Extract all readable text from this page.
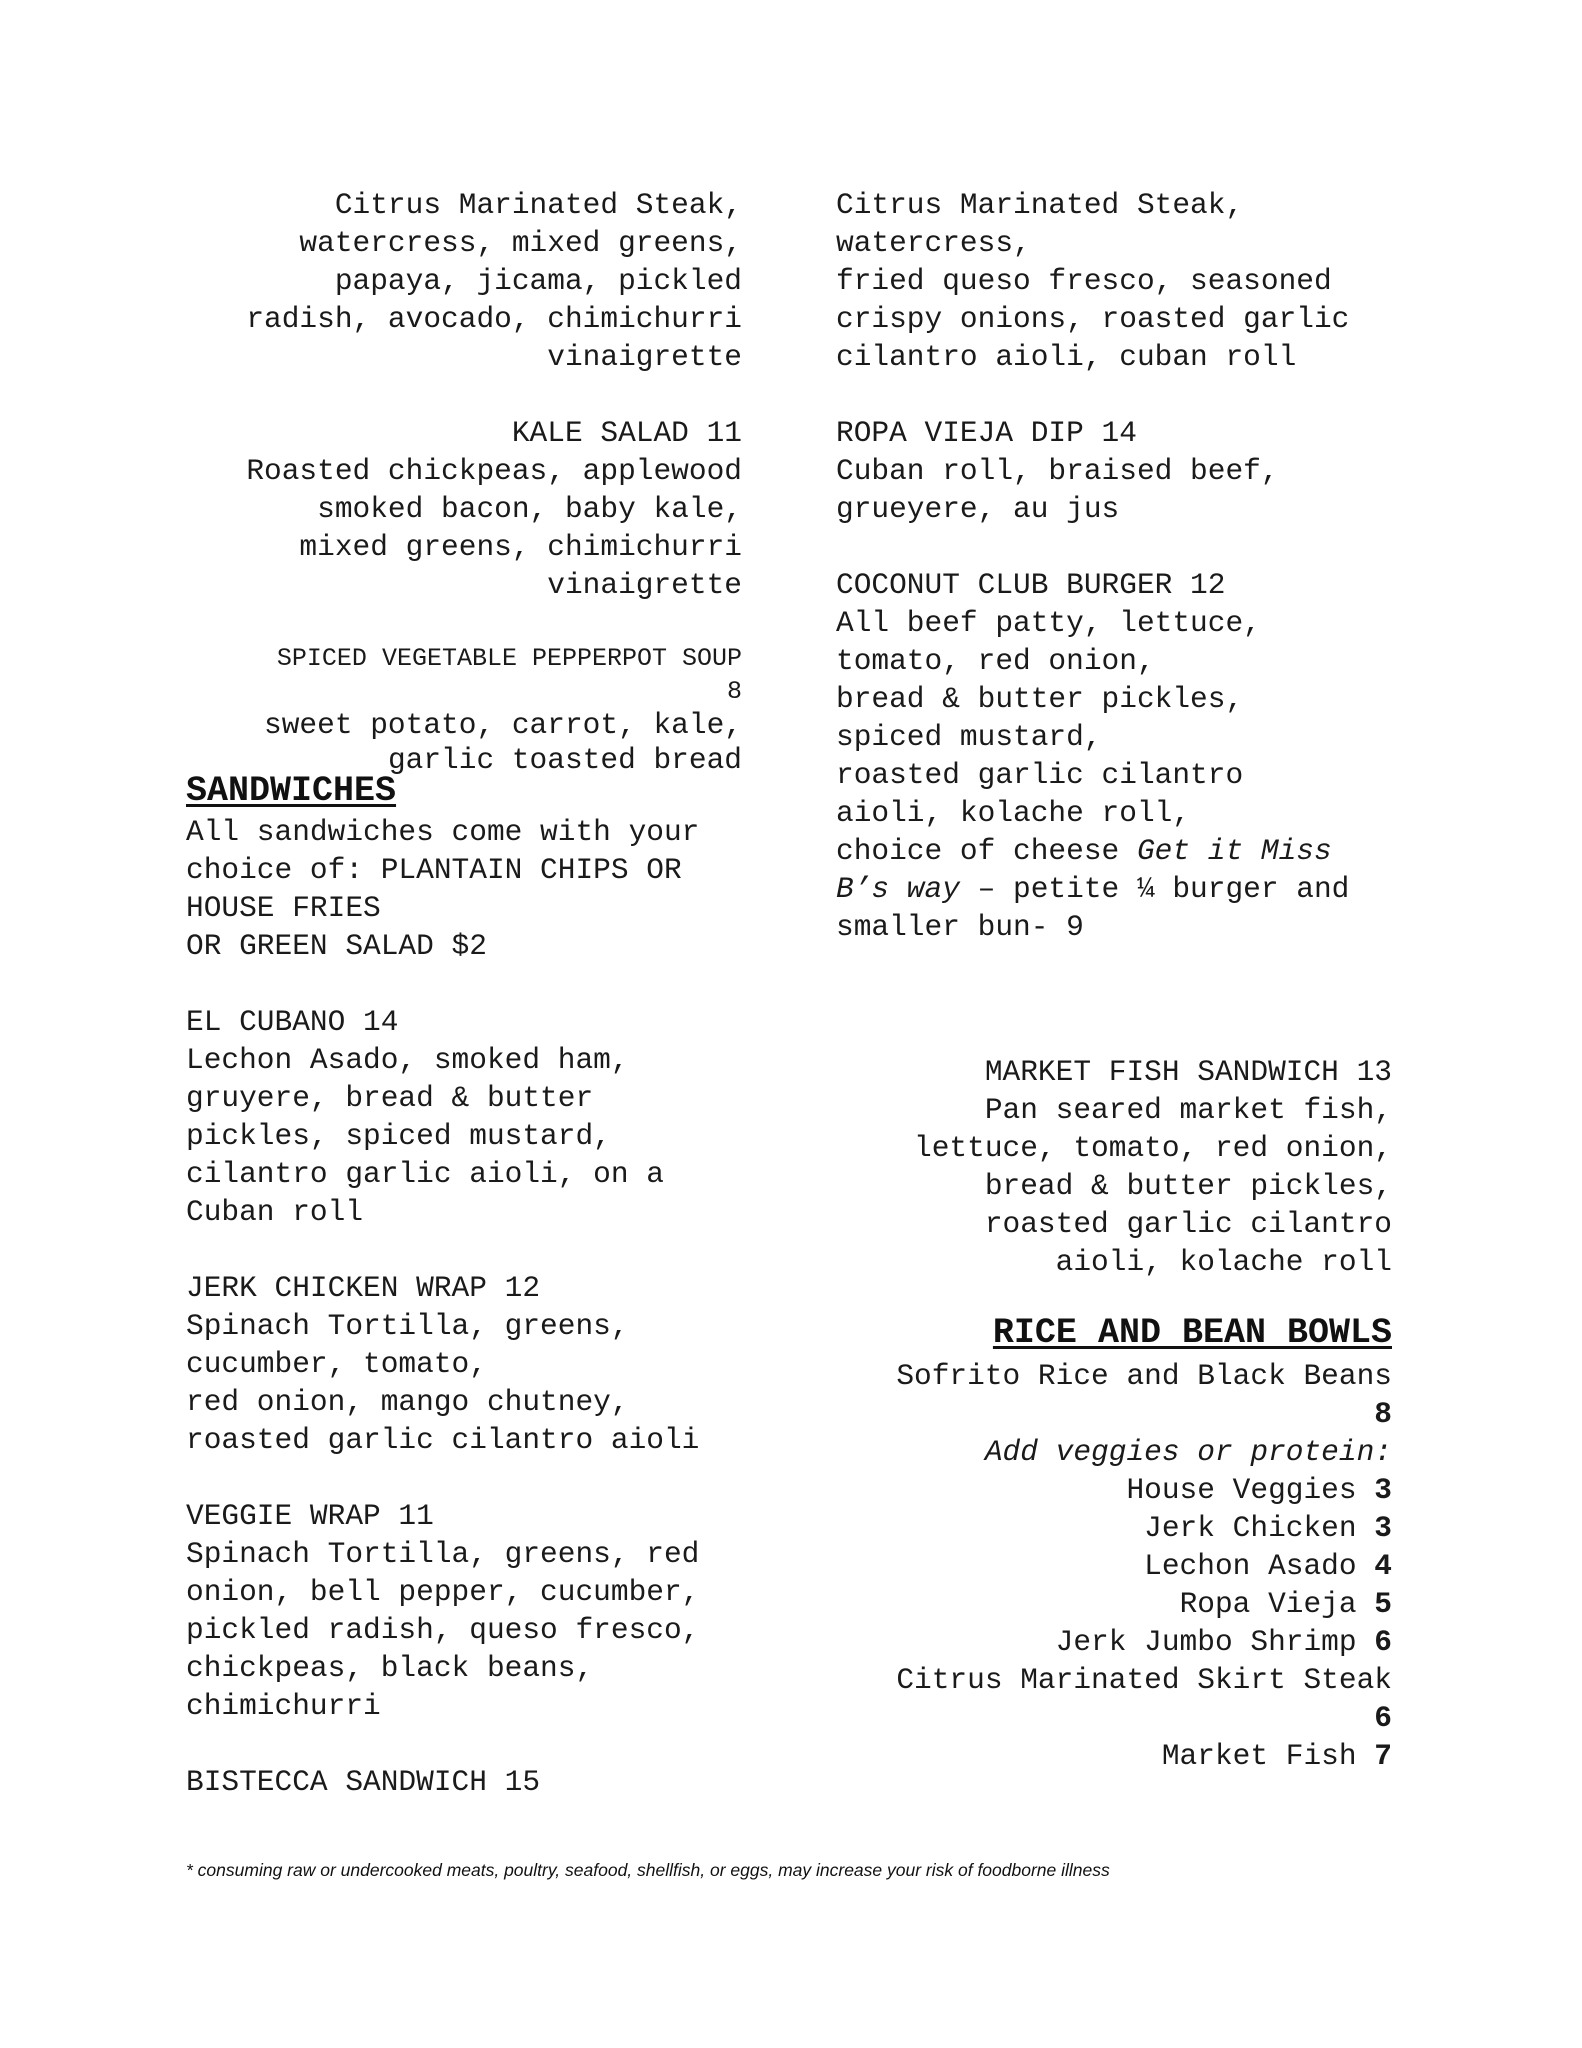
Citrus Marinated Steak,
watercress, mixed greens,
papaya, jicama, pickled
radish, avocado, chimichurri
vinaigrette

KALE SALAD 11

Roasted chickpeas, applewood
smoked bacon, baby kale,
mixed greens, chimichurri
vinaigrette

SPICED VEGETABLE PEPPERPOT SOUP
8

sweet potato, carrot, kale,
garlic toasted bread

SANDWICHES

All sandwiches come with your
choice of: PLANTAIN CHIPS OR
HOUSE FRIES
OR GREEN SALAD $2

EL CUBANO 14

Lechon Asado, smoked ham,
gruyere, bread & butter
pickles, spiced mustard,
cilantro garlic aioli, on a
Cuban roll

JERK CHICKEN WRAP 12

Spinach Tortilla, greens,
cucumber, tomato,
red onion, mango chutney,
roasted garlic cilantro aioli

VEGGIE WRAP 11

Spinach Tortilla, greens, red
onion, bell pepper, cucumber,
pickled radish, queso fresco,
chickpeas, black beans,
chimichurri

BISTECCA SANDWICH 15

Citrus Marinated Steak,
watercress,
fried queso fresco, seasoned
crispy onions, roasted garlic
cilantro aioli, cuban roll

ROPA VIEJA DIP 14

Cuban roll, braised beef,
grueyere, au jus

COCONUT CLUB BURGER 12

All beef patty, lettuce,
tomato, red onion,
bread & butter pickles,
spiced mustard,
roasted garlic cilantro
aioli, kolache roll,
choice of cheese Get it Miss
B’s way – petite ¼ burger and
smaller bun- 9

MARKET FISH SANDWICH 13

Pan seared market fish,
lettuce, tomato, red onion,
bread & butter pickles,
roasted garlic cilantro
aioli, kolache roll

RICE AND BEAN BOWLS

Sofrito Rice and Black Beans

8

Add veggies or protein:

House Veggies 3
Jerk Chicken 3
Lechon Asado 4
Ropa Vieja 5
Jerk Jumbo Shrimp 6
Citrus Marinated Skirt Steak
6
Market Fish 7
* consuming raw or undercooked meats, poultry, seafood, shellfish, or eggs, may increase your risk of foodborne illness
